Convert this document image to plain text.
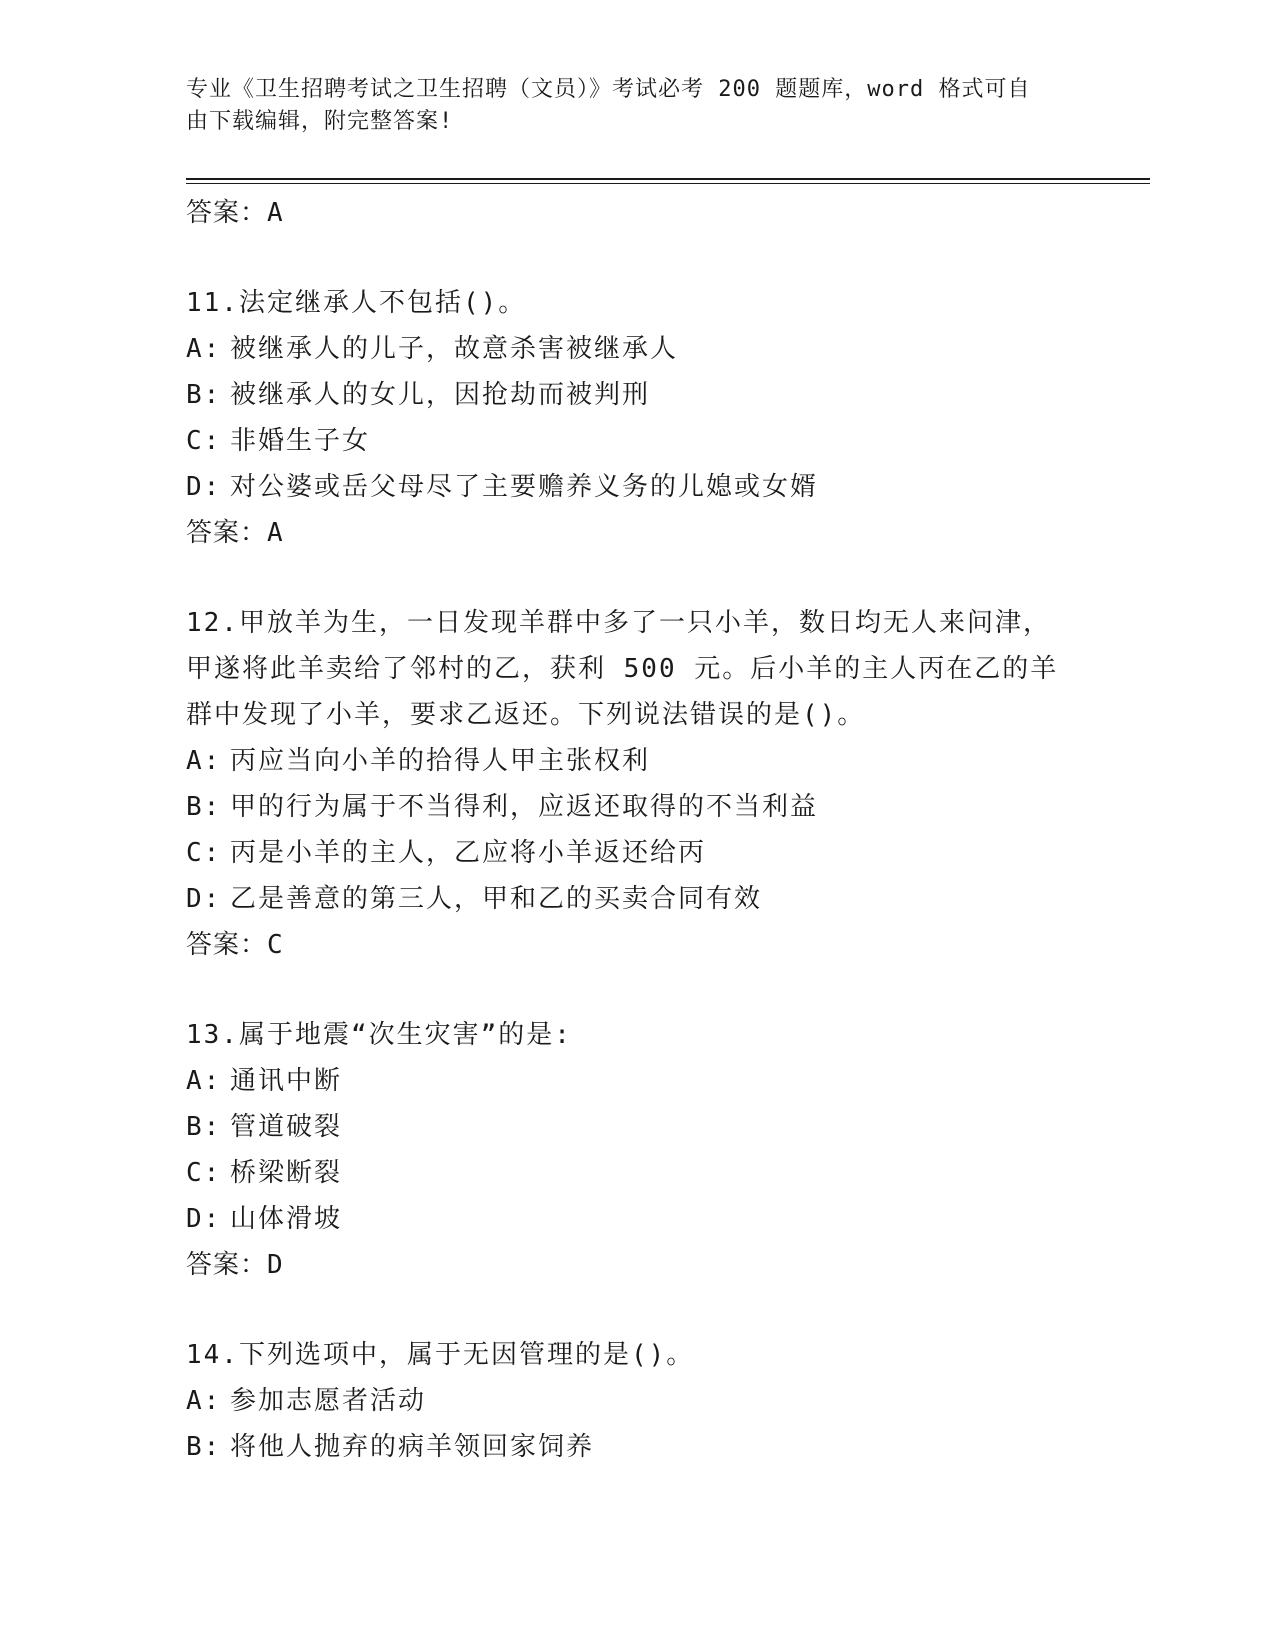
专业《卫生招聘考试之卫生招聘（文员）》考试必考 200 题题库，word 格式可自
由下载编辑，附完整答案!
答案：A
11.法定继承人不包括()。
A: 被继承人的儿子，故意杀害被继承人
B: 被继承人的女儿，因抢劫而被判刑
C: 非婚生子女
D: 对公婆或岳父母尽了主要赡养义务的儿媳或女婿
答案：A
12.甲放羊为生，一日发现羊群中多了一只小羊，数日均无人来问津，
甲遂将此羊卖给了邻村的乙，获利 500 元。后小羊的主人丙在乙的羊
群中发现了小羊，要求乙返还。下列说法错误的是()。
A: 丙应当向小羊的拾得人甲主张权利
B: 甲的行为属于不当得利，应返还取得的不当利益
C: 丙是小羊的主人，乙应将小羊返还给丙
D: 乙是善意的第三人，甲和乙的买卖合同有效
答案：C
13.属于地震“次生灾害”的是:
A: 通讯中断
B: 管道破裂
C: 桥梁断裂
D: 山体滑坡
答案：D
14.下列选项中，属于无因管理的是()。
A: 参加志愿者活动
B: 将他人抛弃的病羊领回家饲养
